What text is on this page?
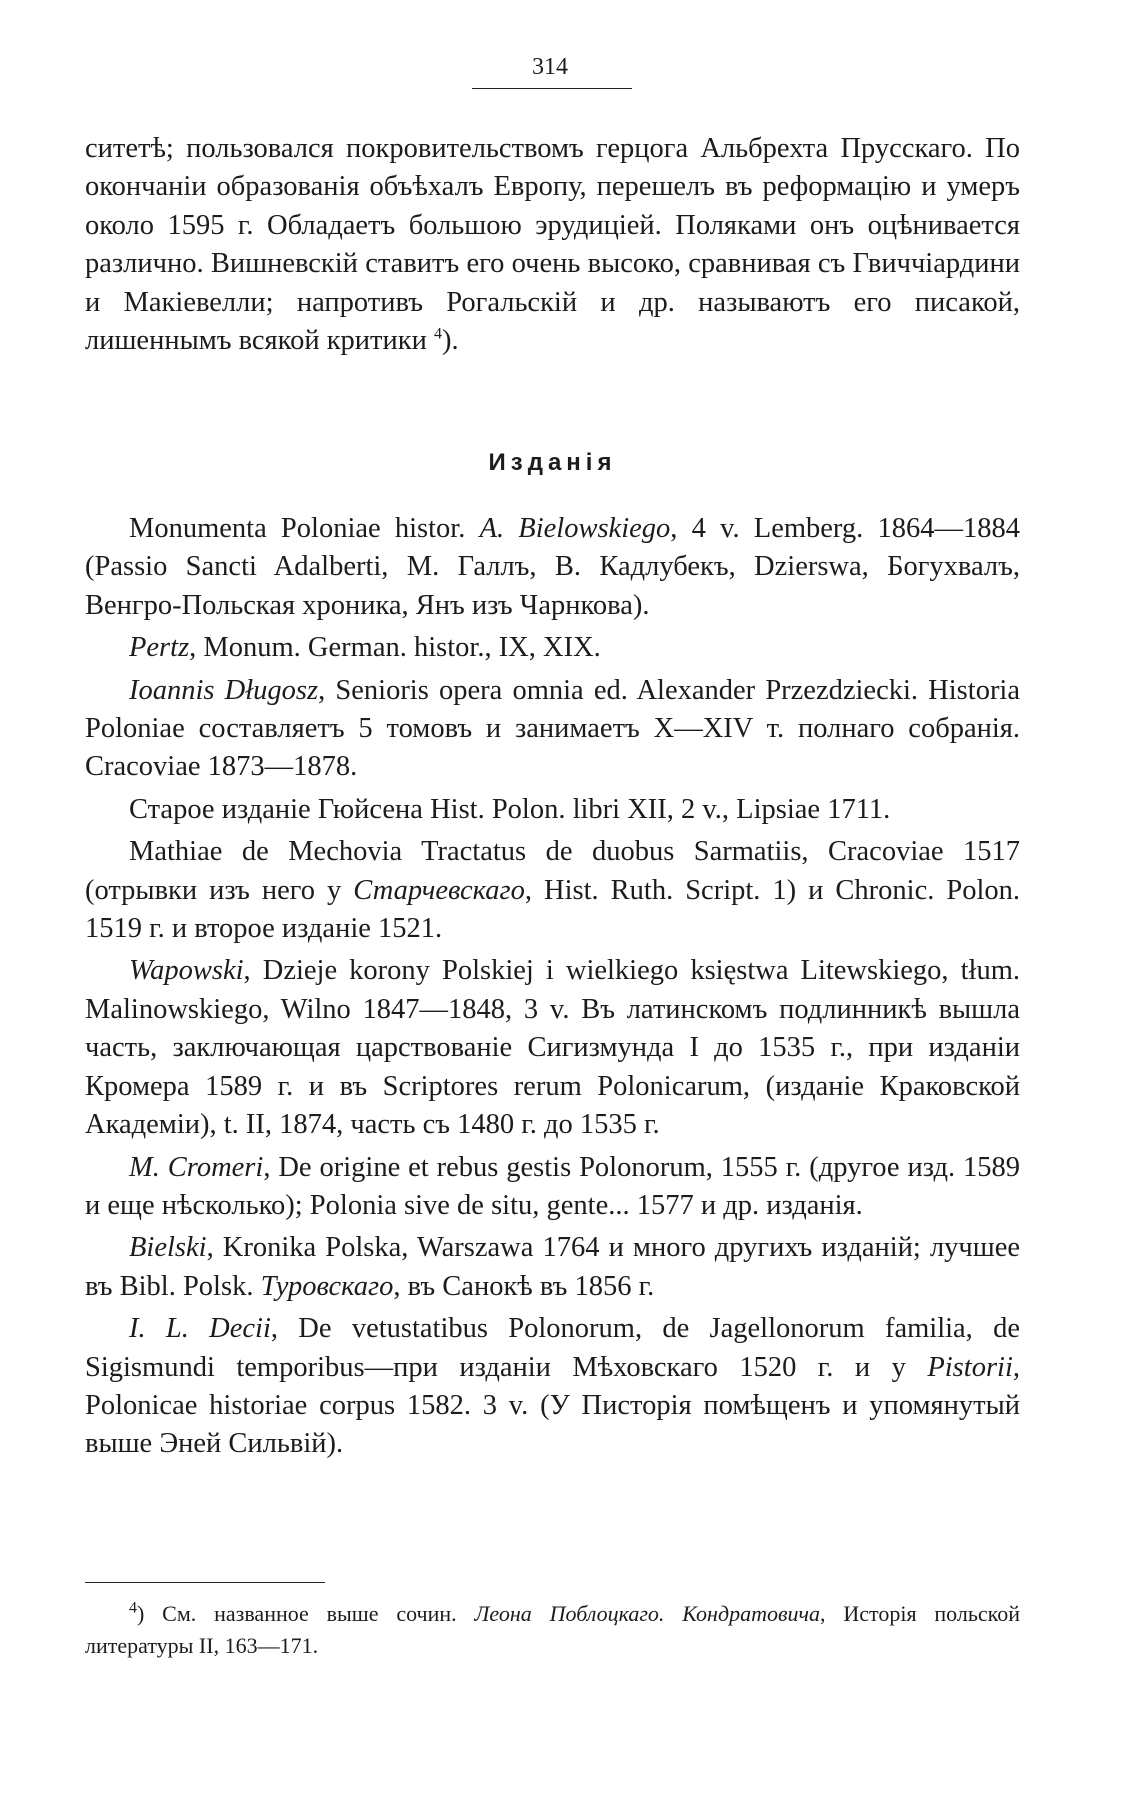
314
ситетѣ; пользовался покровительствомъ герцога Альбрехта Прусскаго. По окончаніи образованія объѣхалъ Европу, перешелъ въ реформацію и умеръ около 1595 г. Обладаетъ большою эрудиціей. Поляками онъ оцѣнивается различно. Вишневскій ставитъ его очень высоко, сравнивая съ Гвиччіардини и Макіевелли; напротивъ Рогальскій и др. называютъ его писакой, лишеннымъ всякой критики $^4$).
Изданія

Monumenta Poloniae histor. A. Bielowskiego, 4 v. Lemberg. 1864—1884 (Passio Sancti Adalberti, M. Галлъ, В. Кадлубекъ, Dzierswa, Богухвалъ, Венгро-Польская хроника, Янъ изъ Чарнкова).

Pertz, Monum. German. histor., IX, XIX.

Ioannis Długosz, Senioris opera omnia ed. Alexander Przezdziecki. Historia Poloniae составляетъ 5 томовъ и занимаетъ X—XIV т. полнаго собранія. Cracoviae 1873—1878.

Старое изданіе Гюйсена Hist. Polon. libri XII, 2 v., Lipsiae 1711.

Mathiae de Mechovia Tractatus de duobus Sarmatiis, Cracoviae 1517 (отрывки изъ него у Старчевскаго, Hist. Ruth. Script. 1) и Chronic. Polon. 1519 г. и второе изданіе 1521.

Wapowski, Dzieje korony Polskiej i wielkiego księstwa Litewskiego, tłum. Malinowskiego, Wilno 1847—1848, 3 v. Въ латинскомъ подлинникѣ вышла часть, заключающая царствованіе Сигизмунда I до 1535 г., при изданіи Кромера 1589 г. и въ Scriptores rerum Polonicarum, (изданіе Краковской Академіи), t. II, 1874, часть съ 1480 г. до 1535 г.

M. Cromeri, De origine et rebus gestis Polonorum, 1555 г. (другое изд. 1589 и еще нѣсколько); Polonia sive de situ, gente... 1577 и др. изданія.

Bielski, Kronika Polska, Warszawa 1764 и много другихъ изданій; лучшее въ Bibl. Polsk. Туровскаго, въ Санокѣ въ 1856 г.

I. L. Decii, De vetustatibus Polonorum, de Jagellonorum familia, de Sigismundi temporibus—при изданіи Мѣховскаго 1520 г. и у Pistorii, Polonicae historiae corpus 1582. 3 v. (У Писторія помѣщенъ и упомянутый выше Эней Сильвій).

$^4$) См. названное выше сочин. Леона Поблоцкаго. Кондратовича, Исторія польской литературы II, 163—171.
